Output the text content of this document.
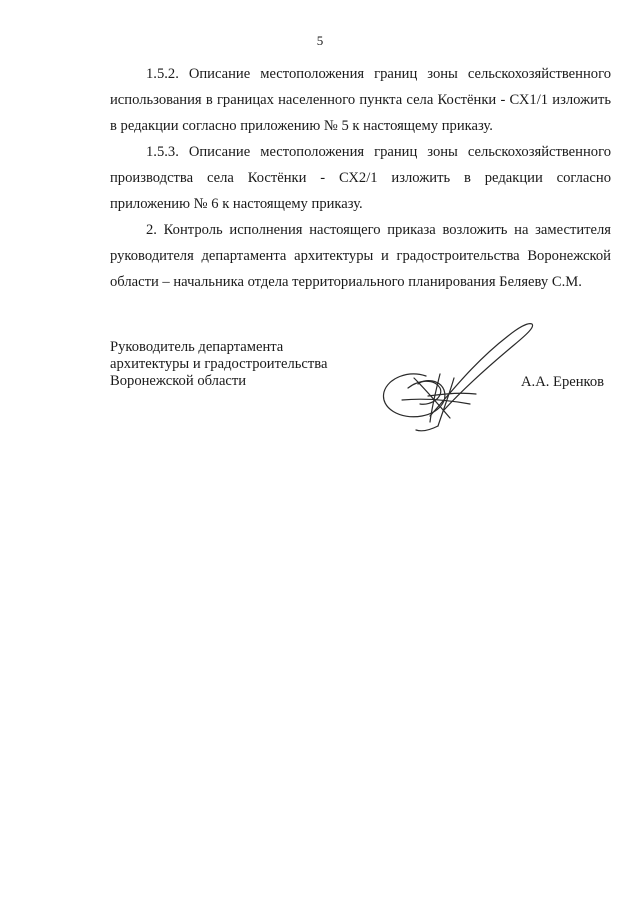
5

1.5.2. Описание местоположения границ зоны сельскохозяйственного использования в границах населенного пункта села Костёнки - СХ1/1 изложить в редакции согласно приложению № 5 к настоящему приказу.

1.5.3. Описание местоположения границ зоны сельскохозяйственного производства села Костёнки - СХ2/1 изложить в редакции согласно приложению № 6 к настоящему приказу.

2. Контроль исполнения настоящего приказа возложить на заместителя руководителя департамента архитектуры и градостроительства Воронежской области – начальника отдела территориального планирования Беляеву С.М.

Руководитель департамента
архитектуры и градостроительства
Воронежской области	А.А. Еренков
